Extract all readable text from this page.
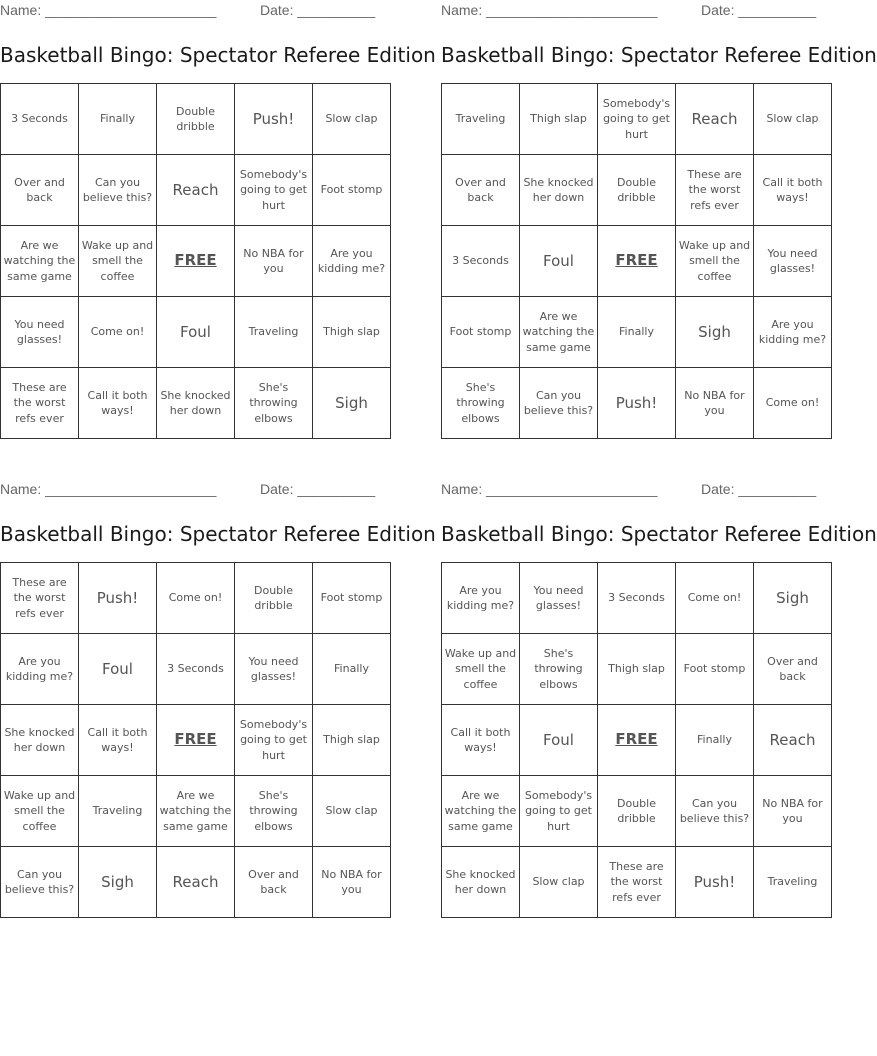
Name: ______________________	Date: __________
Basketball Bingo: Spectator Referee Edition
3 Seconds	Finally	Double dribble	Push!	Slow clap
Over and back	Can you believe this?	Reach	Somebody's going to get hurt	Foot stomp
Are we watching the same game	Wake up and smell the coffee	FREE	No NBA for you	Are you kidding me?
You need glasses!	Come on!	Foul	Traveling	Thigh slap
These are the worst refs ever	Call it both ways!	She knocked her down	She's throwing elbows	Sigh
Name: ______________________	Date: __________
Basketball Bingo: Spectator Referee Edition
Traveling	Thigh slap	Somebody's going to get hurt	Reach	Slow clap
Over and back	She knocked her down	Double dribble	These are the worst refs ever	Call it both ways!
3 Seconds	Foul	FREE	Wake up and smell the coffee	You need glasses!
Foot stomp	Are we watching the same game	Finally	Sigh	Are you kidding me?
She's throwing elbows	Can you believe this?	Push!	No NBA for you	Come on!
Name: ______________________	Date: __________
Basketball Bingo: Spectator Referee Edition
These are the worst refs ever	Push!	Come on!	Double dribble	Foot stomp
Are you kidding me?	Foul	3 Seconds	You need glasses!	Finally
She knocked her down	Call it both ways!	FREE	Somebody's going to get hurt	Thigh slap
Wake up and smell the coffee	Traveling	Are we watching the same game	She's throwing elbows	Slow clap
Can you believe this?	Sigh	Reach	Over and back	No NBA for you
Name: ______________________	Date: __________
Basketball Bingo: Spectator Referee Edition
Are you kidding me?	You need glasses!	3 Seconds	Come on!	Sigh
Wake up and smell the coffee	She's throwing elbows	Thigh slap	Foot stomp	Over and back
Call it both ways!	Foul	FREE	Finally	Reach
Are we watching the same game	Somebody's going to get hurt	Double dribble	Can you believe this?	No NBA for you
She knocked her down	Slow clap	These are the worst refs ever	Push!	Traveling
